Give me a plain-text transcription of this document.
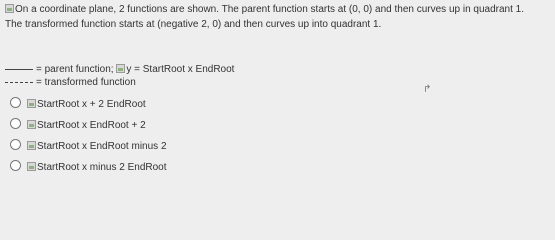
On a coordinate plane, 2 functions are shown. The parent function starts at (0, 0) and then curves up in quadrant 1.
The transformed function starts at (negative 2, 0) and then curves up into quadrant 1.
= parent function; y = StartRoot x EndRoot
= transformed function
StartRoot x + 2 EndRoot
StartRoot x EndRoot + 2
StartRoot x EndRoot minus 2
StartRoot x minus 2 EndRoot
↱
